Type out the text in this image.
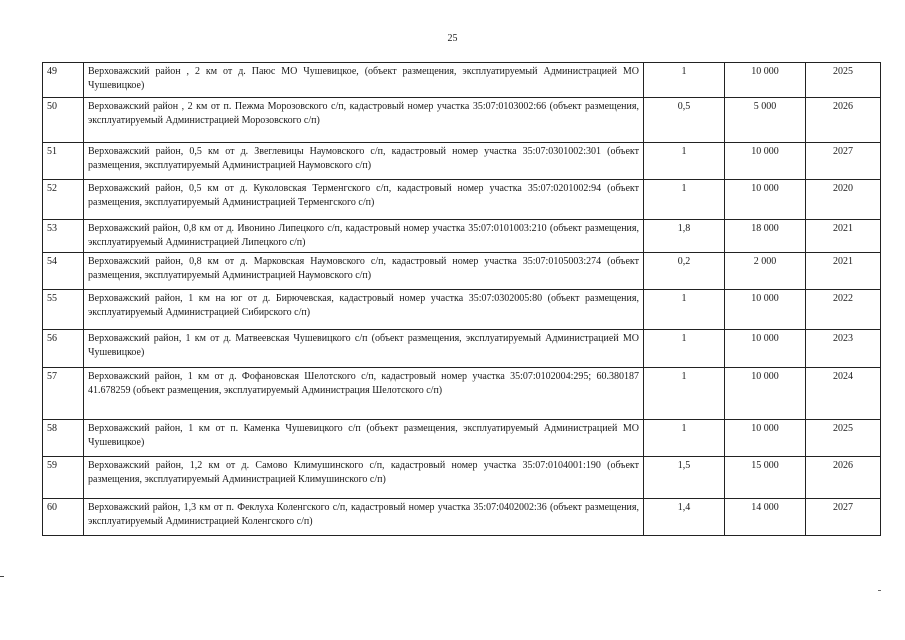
25
49	Верховажский район , 2 км от д. Паюс МО Чушевицкое, (объект размещения, эксплуатируемый Администрацией МО Чушевицкое)	1	10 000	2025
50	Верховажский район , 2 км от п. Пежма Морозовского с/п, кадастровый номер участка 35:07:0103002:66 (объект размещения, эксплуатируемый Администрацией Морозовского с/п)	0,5	5 000	2026
51	Верховажский район, 0,5 км от д. Звеглевицы Наумовского с/п, кадастровый номер участка 35:07:0301002:301 (объект размещения, эксплуатируемый Администрацией Наумовского с/п)	1	10 000	2027
52	Верховажский район, 0,5 км от д. Куколовская Терменгского с/п, кадастровый номер участка 35:07:0201002:94 (объект размещения, эксплуатируемый Администрацией Терменгского с/п)	1	10 000	2020
53	Верховажский район, 0,8 км от д. Ивонино Липецкого с/п, кадастровый номер участка 35:07:0101003:210 (объект размещения, эксплуатируемый Администрацией Липецкого с/п)	1,8	18 000	2021
54	Верховажский район, 0,8 км от д. Марковская Наумовского с/п, кадастровый номер участка 35:07:0105003:274 (объект размещения, эксплуатируемый Администрацией Наумовского с/п)	0,2	2 000	2021
55	Верховажский район, 1 км на юг от д. Бирючевская, кадастровый номер участка 35:07:0302005:80 (объект размещения, эксплуатируемый Администрацией Сибирского с/п)	1	10 000	2022
56	Верховажский район, 1 км от д. Матвеевская Чушевицкого с/п (объект размещения, эксплуатируемый Администрацией МО Чушевицкое)	1	10 000	2023
57	Верховажский район, 1 км от д. Фофановская Шелотского с/п, кадастровый номер участка 35:07:0102004:295; 60.380187 41.678259 (объект размещения, эксплуатируемый Администрация Шелотского с/п)	1	10 000	2024
58	Верховажский район, 1 км от п. Каменка Чушевицкого с/п (объект размещения, эксплуатируемый Администрацией МО Чушевицкое)	1	10 000	2025
59	Верховажский район, 1,2 км от д. Самово Климушинского с/п, кадастровый номер участка 35:07:0104001:190 (объект размещения, эксплуатируемый Администрацией Климушинского с/п)	1,5	15 000	2026
60	Верховажский район, 1,3 км от п. Феклуха Коленгского с/п, кадастровый номер участка 35:07:0402002:36 (объект размещения, эксплуатируемый Администрацией Коленгского с/п)	1,4	14 000	2027
